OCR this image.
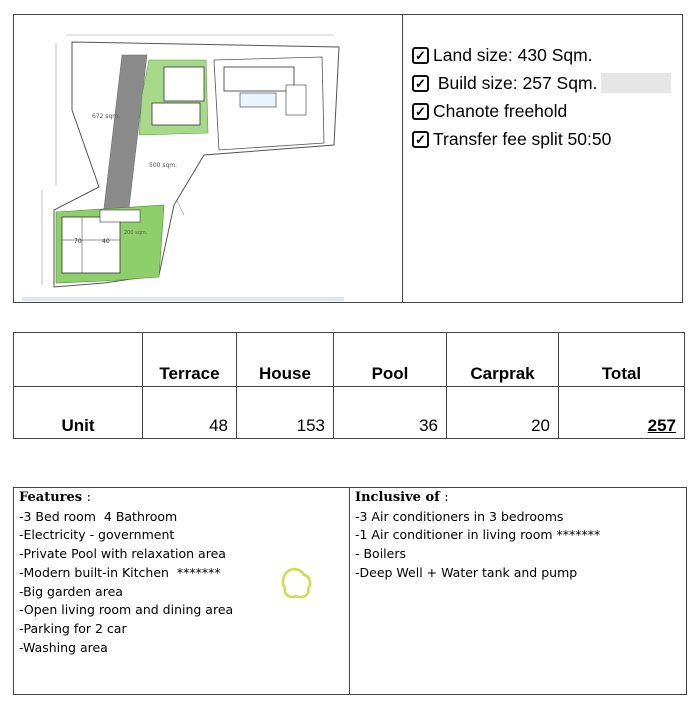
672 sqm.
500 sqm.
200 sqm.
40
70
✓ Land size: 430 Sqm.
✓ Build size: 257 Sqm.
✓ Chanote freehold
✓ Transfer fee split 50:50
	Terrace	House	Pool	Carprak	Total
Unit	48	153	36	20	257
Features :
-3 Bed room  4 Bathroom
-Electricity - government
-Private Pool with relaxation area
-Modern built-in Kitchen  *******
-Big garden area
-Open living room and dining area
-Parking for 2 car
-Washing area
Inclusive of :
-3 Air conditioners in 3 bedrooms
-1 Air conditioner in living room *******
- Boilers
-Deep Well + Water tank and pump
